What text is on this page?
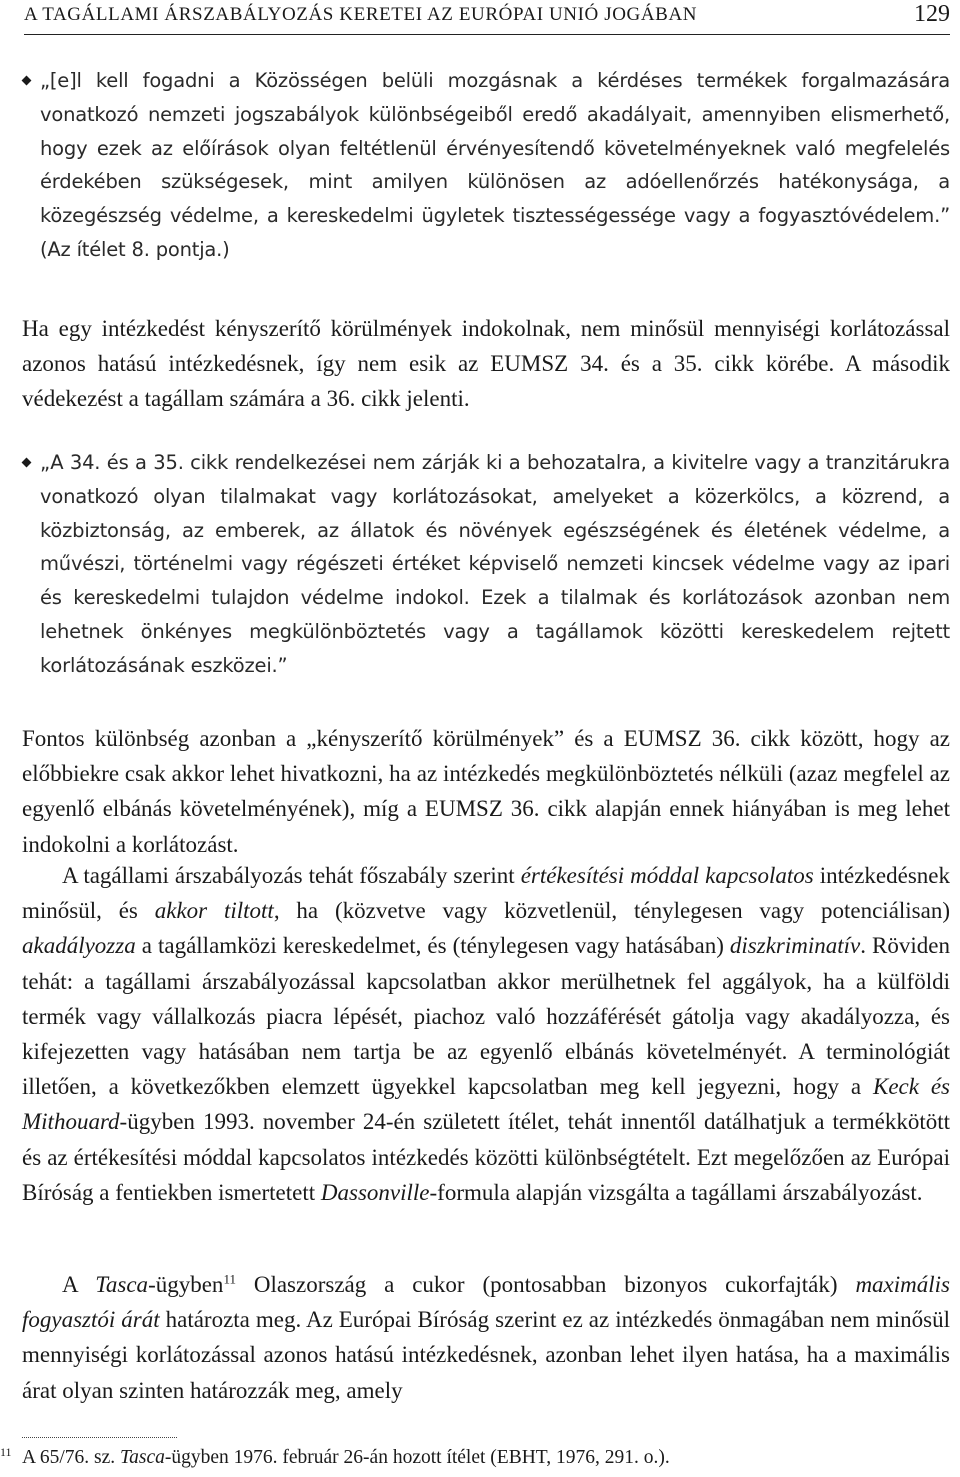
A TAGÁLLAMI ÁRSZABÁLYOZÁS KERETEI AZ EURÓPAI UNIÓ JOGÁBAN	129

„[e]l kell fogadni a Közösségen belüli mozgásnak a kérdéses termékek forgalmazására vonatkozó nemzeti jogszabályok különbségeiből eredő akadályait, amennyiben elismerhető, hogy ezek az előírások olyan feltétlenül érvényesítendő követelményeknek való megfelelés érdekében szükségesek, mint amilyen különösen az adóellenőrzés hatékonysága, a közegészség védelme, a kereskedelmi ügyletek tisztességessége vagy a fogyasztóvédelem.” (Az ítélet 8. pontja.)

Ha egy intézkedést kényszerítő körülmények indokolnak, nem minősül mennyiségi korlátozással azonos hatású intézkedésnek, így nem esik az EUMSZ 34. és a 35. cikk körébe. A második védekezést a tagállam számára a 36. cikk jelenti.

„A 34. és a 35. cikk rendelkezései nem zárják ki a behozatalra, a kivitelre vagy a tranzitárukra vonatkozó olyan tilalmakat vagy korlátozásokat, amelyeket a közerkölcs, a közrend, a közbiztonság, az emberek, az állatok és növények egészségének és életének védelme, a művészi, történelmi vagy régészeti értéket képviselő nemzeti kincsek védelme vagy az ipari és kereskedelmi tulajdon védelme indokol. Ezek a tilalmak és korlátozások azonban nem lehetnek önkényes megkülönböztetés vagy a tagállamok közötti kereskedelem rejtett korlátozásának eszközei.”

Fontos különbség azonban a „kényszerítő körülmények” és a EUMSZ 36. cikk között, hogy az előbbiekre csak akkor lehet hivatkozni, ha az intézkedés megkülönböztetés nélküli (azaz megfelel az egyenlő elbánás követelményének), míg a EUMSZ 36. cikk alapján ennek hiányában is meg lehet indokolni a korlátozást.

A tagállami árszabályozás tehát főszabály szerint értékesítési móddal kapcsolatos intézkedésnek minősül, és akkor tiltott, ha (közvetve vagy közvetlenül, ténylegesen vagy potenciálisan) akadályozza a tagállamközi kereskedelmet, és (ténylegesen vagy hatásában) diszkriminatív. Röviden tehát: a tagállami árszabályozással kapcsolatban akkor merülhetnek fel aggályok, ha a külföldi termék vagy vállalkozás piacra lépését, piachoz való hozzáférését gátolja vagy akadályozza, és kifejezetten vagy hatásában nem tartja be az egyenlő elbánás követelményét. A terminológiát illetően, a következőkben elemzett ügyekkel kapcsolatban meg kell jegyezni, hogy a Keck és Mithouard-ügyben 1993. november 24-én született ítélet, tehát innentől datálhatjuk a termékkötött és az értékesítési móddal kapcsolatos intézkedés közötti különbségtételt. Ezt megelőzően az Európai Bíróság a fentiekben ismertetett Dassonville-formula alapján vizsgálta a tagállami árszabályozást.

A Tasca-ügyben$^{11}$ Olaszország a cukor (pontosabban bizonyos cukorfajták) maximális fogyasztói árát határozta meg. Az Európai Bíróság szerint ez az intézkedés önmagában nem minősül mennyiségi korlátozással azonos hatású intézkedésnek, azonban lehet ilyen hatása, ha a maximális árat olyan szinten határozzák meg, amely

11 A 65/76. sz. Tasca-ügyben 1976. február 26-án hozott ítélet (EBHT, 1976, 291. o.).
